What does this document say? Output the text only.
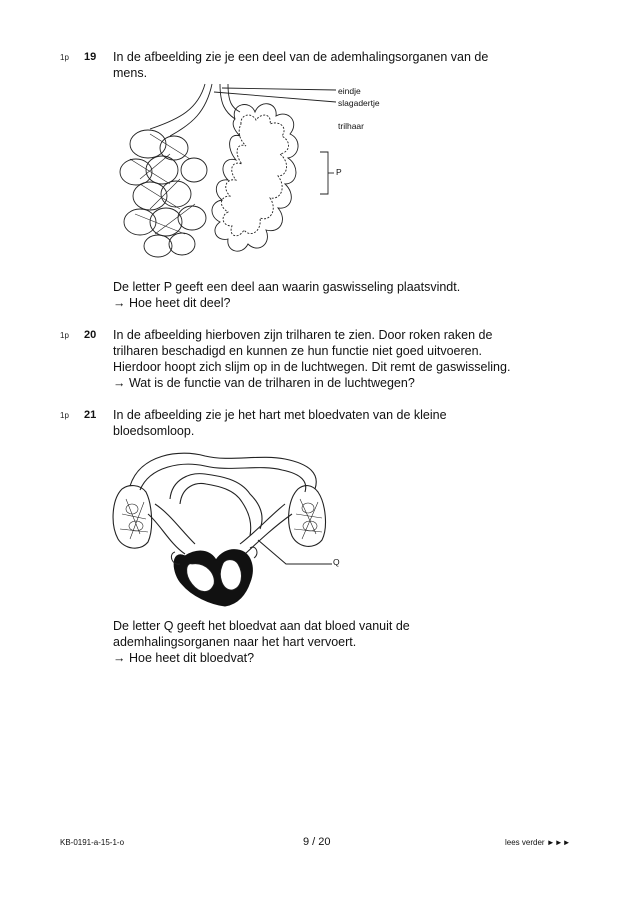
1p 19 In de afbeelding zie je een deel van de ademhalingsorganen van de

mens.

eindje
slagadertje
trilhaar
P

De letter P geeft een deel aan waarin gaswisseling plaatsvindt.

→ Hoe heet dit deel?

1p 20 In de afbeelding hierboven zijn trilharen te zien. Door roken raken de

trilharen beschadigd en kunnen ze hun functie niet goed uitvoeren.

Hierdoor hoopt zich slijm op in de luchtwegen. Dit remt de gaswisseling.

→ Wat is de functie van de trilharen in de luchtwegen?

1p 21 In de afbeelding zie je het hart met bloedvaten van de kleine

bloedsomloop.

Q

De letter Q geeft het bloedvat aan dat bloed vanuit de

ademhalingsorganen naar het hart vervoert.

→ Hoe heet dit bloedvat?

KB-0191-a-15-1-o	9 / 20	lees verder ►►►
